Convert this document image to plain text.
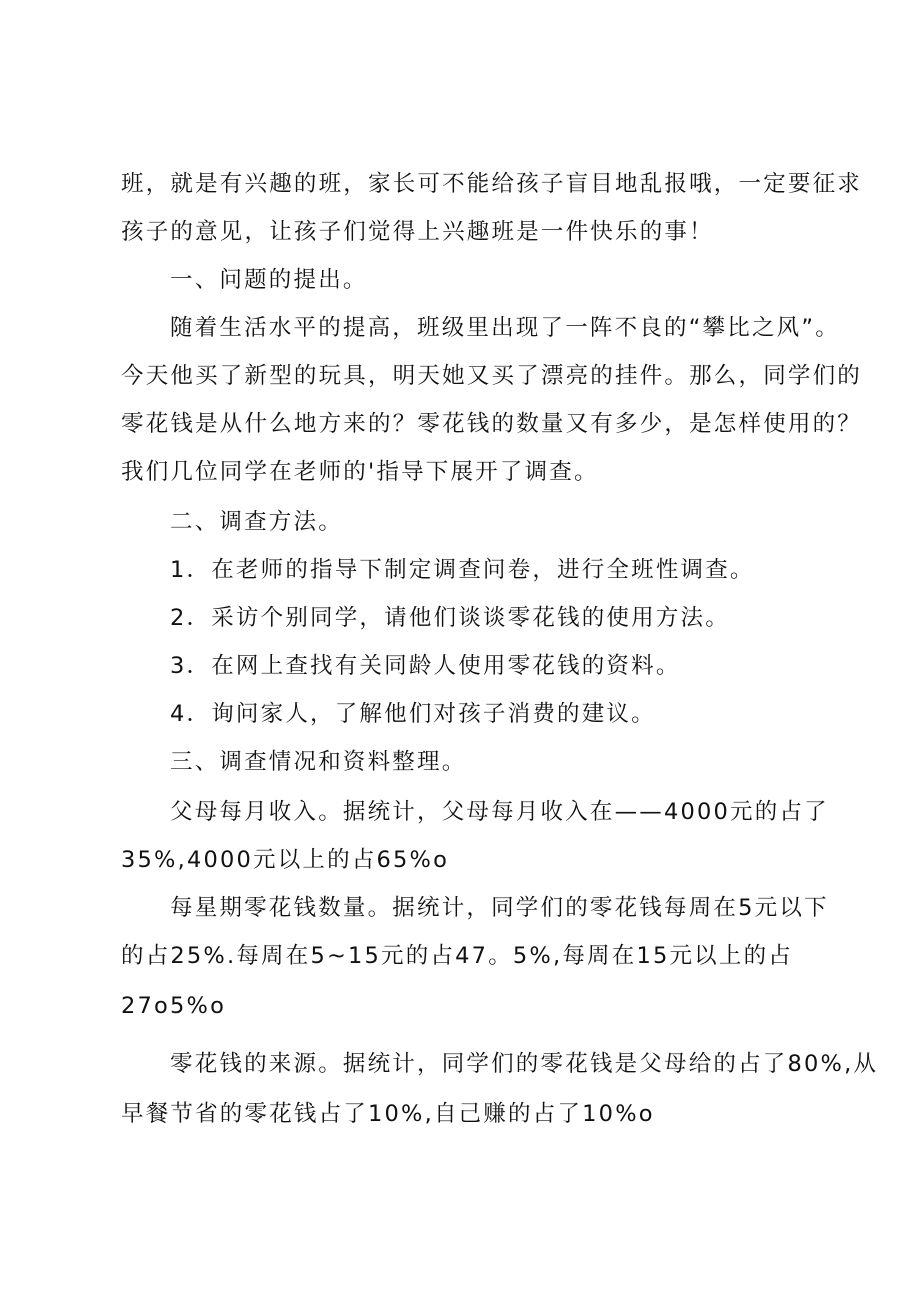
班，就是有兴趣的班，家长可不能给孩子盲目地乱报哦，一定要征求
孩子的意见，让孩子们觉得上兴趣班是一件快乐的事！
一、问题的提出。
随着生活水平的提高，班级里出现了一阵不良的“攀比之风”。
今天他买了新型的玩具，明天她又买了漂亮的挂件。那么，同学们的
零花钱是从什么地方来的？零花钱的数量又有多少，是怎样使用的？
我们几位同学在老师的'指导下展开了调查。
二、调查方法。
1．在老师的指导下制定调查问卷，进行全班性调查。
2．采访个别同学，请他们谈谈零花钱的使用方法。
3．在网上查找有关同龄人使用零花钱的资料。
4．询问家人，了解他们对孩子消费的建议。
三、调查情况和资料整理。
父母每月收入。据统计，父母每月收入在——4000元的占了
35%,4000元以上的占65%o
每星期零花钱数量。据统计，同学们的零花钱每周在5元以下
的占25%.每周在5~15元的占47。5%,每周在15元以上的占
27o5%o
零花钱的来源。据统计，同学们的零花钱是父母给的占了80%,从
早餐节省的零花钱占了10%,自己赚的占了10%o
